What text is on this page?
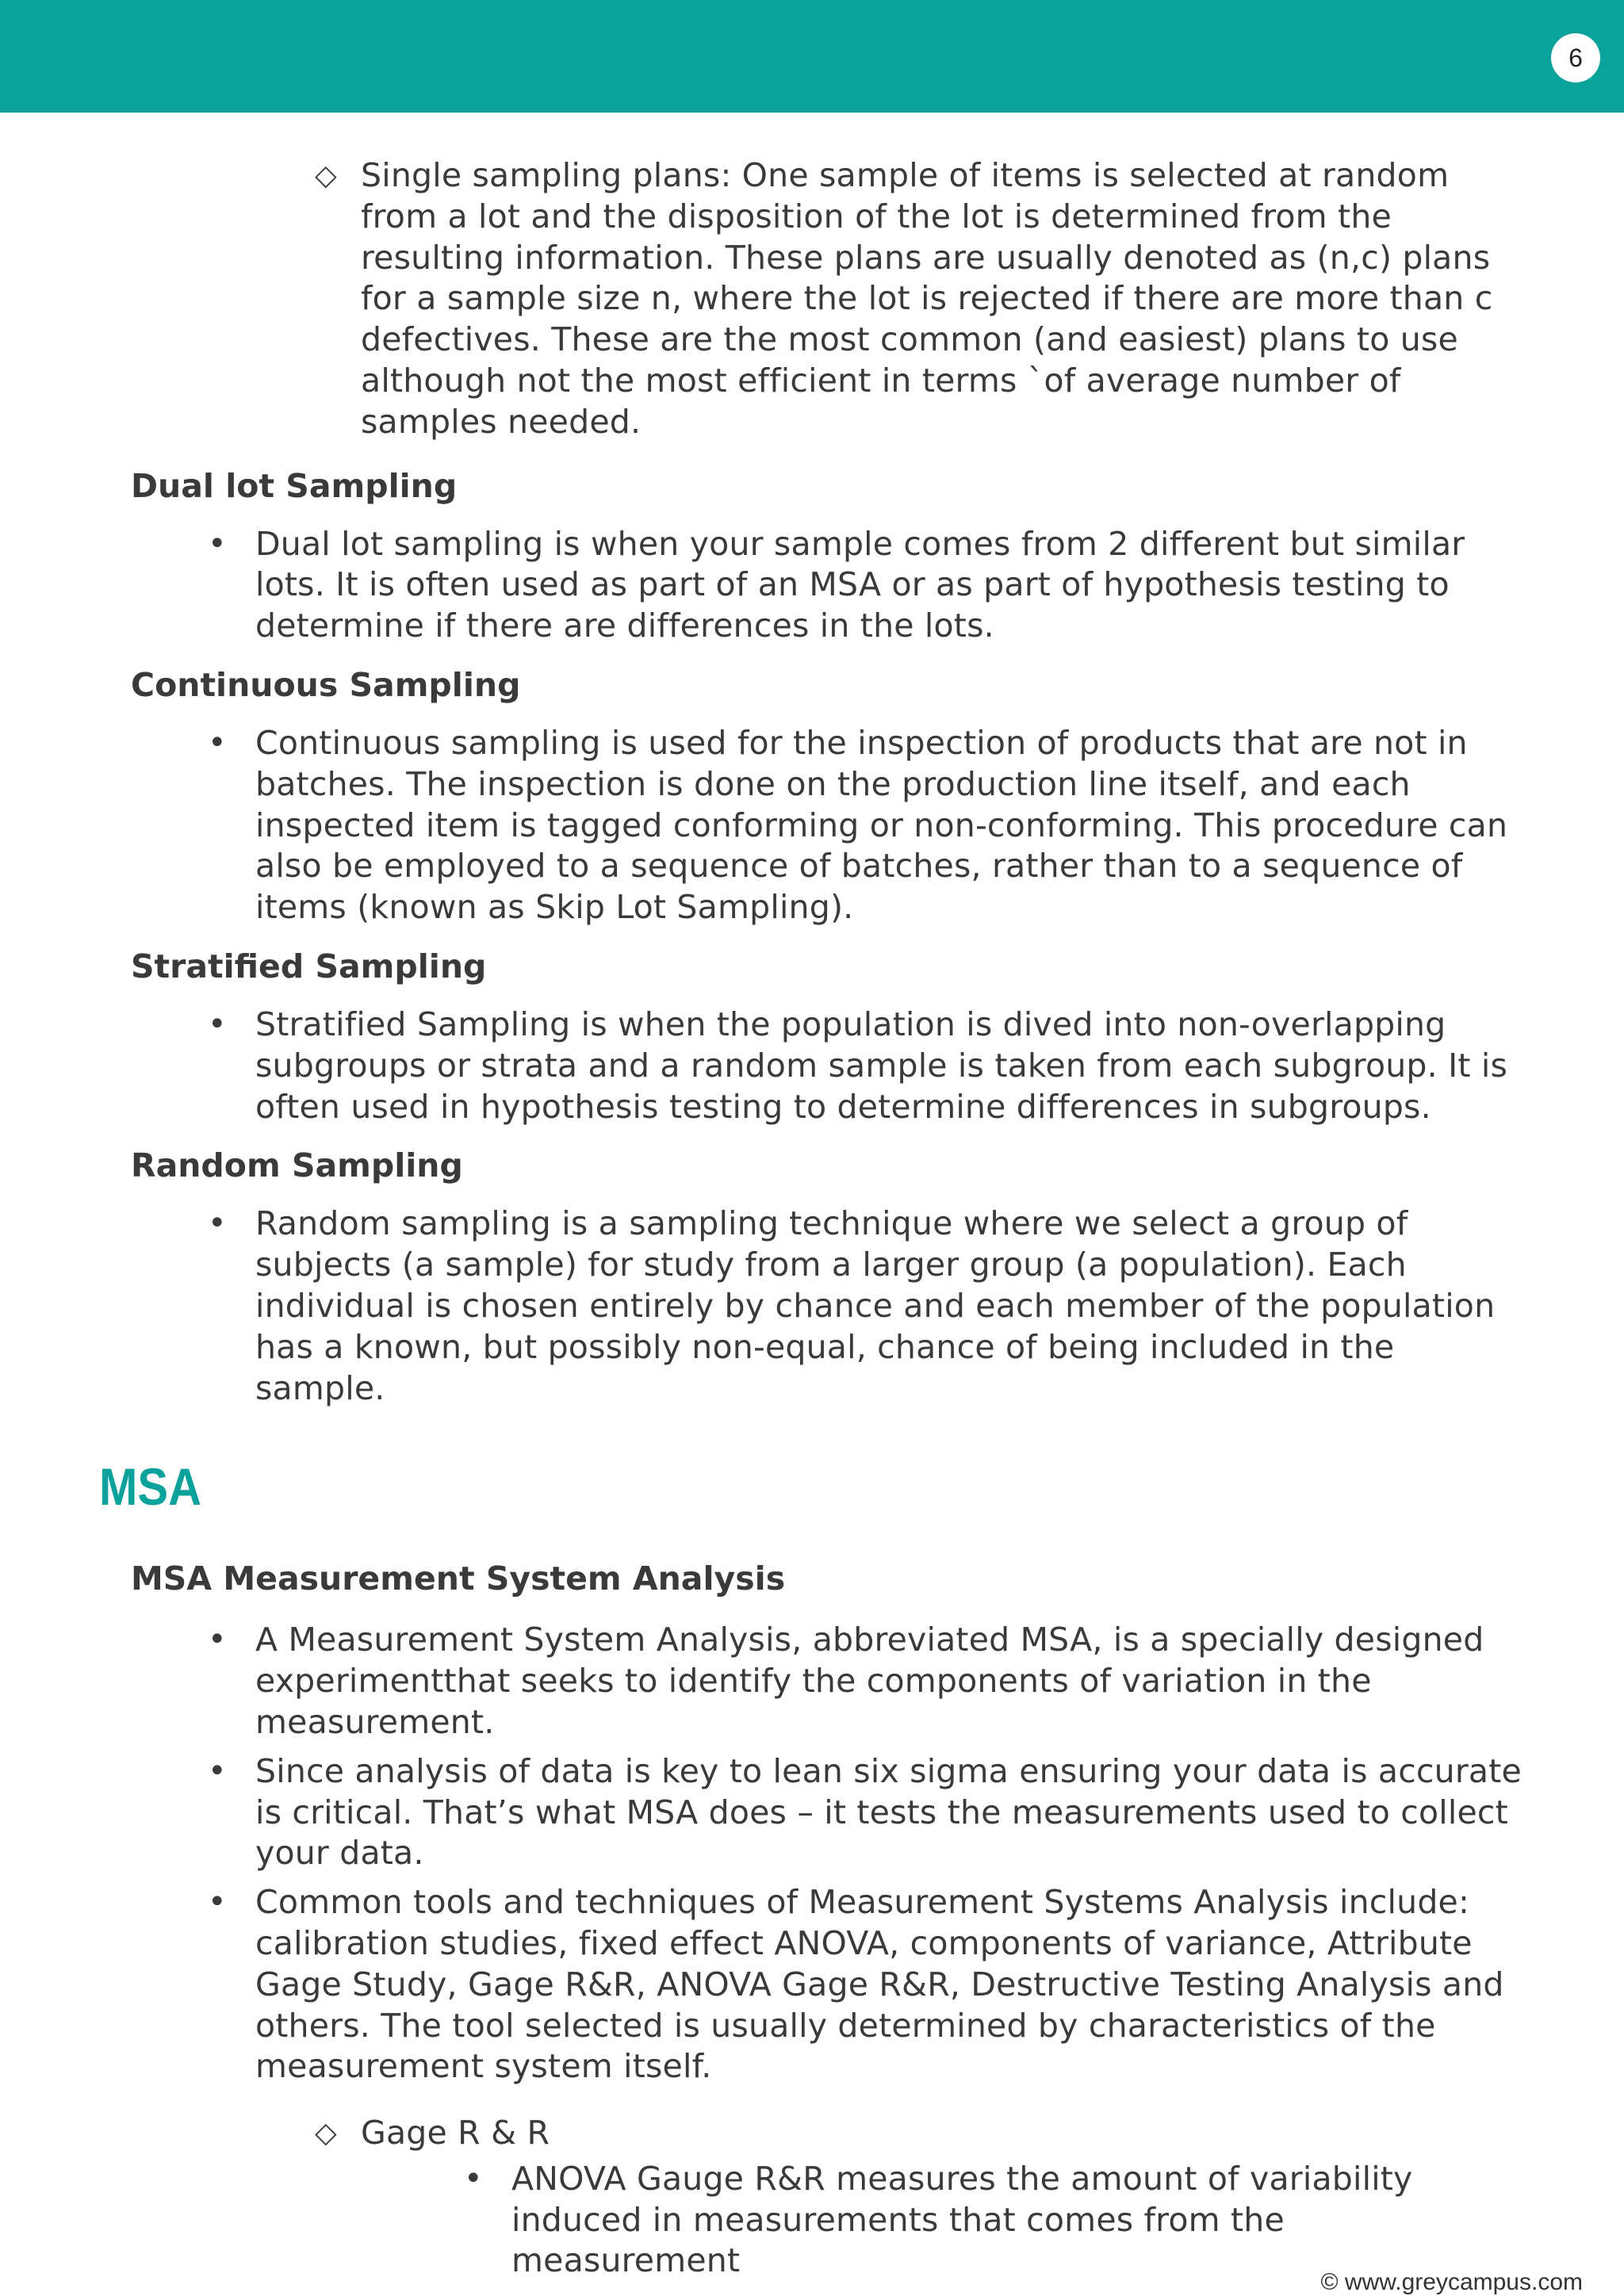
6

◇ Single sampling plans: One sample of items is selected at random from a lot and the disposition of the lot is determined from the resulting information. These plans are usually denoted as (n,c) plans for a sample size n, where the lot is rejected if there are more than c defectives. These are the most common (and easiest) plans to use although not the most efficient in terms `of average number of samples needed.

Dual lot Sampling

• Dual lot sampling is when your sample comes from 2 different but similar lots. It is often used as part of an MSA or as part of hypothesis testing to determine if there are differences in the lots.

Continuous Sampling

• Continuous sampling is used for the inspection of products that are not in batches. The inspection is done on the production line itself, and each inspected item is tagged conforming or non-conforming. This procedure can also be employed to a sequence of batches, rather than to a sequence of items (known as Skip Lot Sampling).

Stratified Sampling

• Stratified Sampling is when the population is dived into non-overlapping subgroups or strata and a random sample is taken from each subgroup. It is often used in hypothesis testing to determine differences in subgroups.

Random Sampling

• Random sampling is a sampling technique where we select a group of subjects (a sample) for study from a larger group (a population). Each individual is chosen entirely by chance and each member of the population has a known, but possibly non-equal, chance of being included in the sample.

MSA

MSA Measurement System Analysis

• A Measurement System Analysis, abbreviated MSA, is a specially designed experimentthat seeks to identify the components of variation in the measurement.

• Since analysis of data is key to lean six sigma ensuring your data is accurate is critical. That’s what MSA does – it tests the measurements used to collect your data.

• Common tools and techniques of Measurement Systems Analysis include: calibration studies, fixed effect ANOVA, components of variance, Attribute Gage Study, Gage R&R, ANOVA Gage R&R, Destructive Testing Analysis and others. The tool selected is usually determined by characteristics of the measurement system itself.

◇ Gage R & R

• ANOVA Gauge R&R measures the amount of variability induced in measurements that comes from the measurement

© www.greycampus.com
